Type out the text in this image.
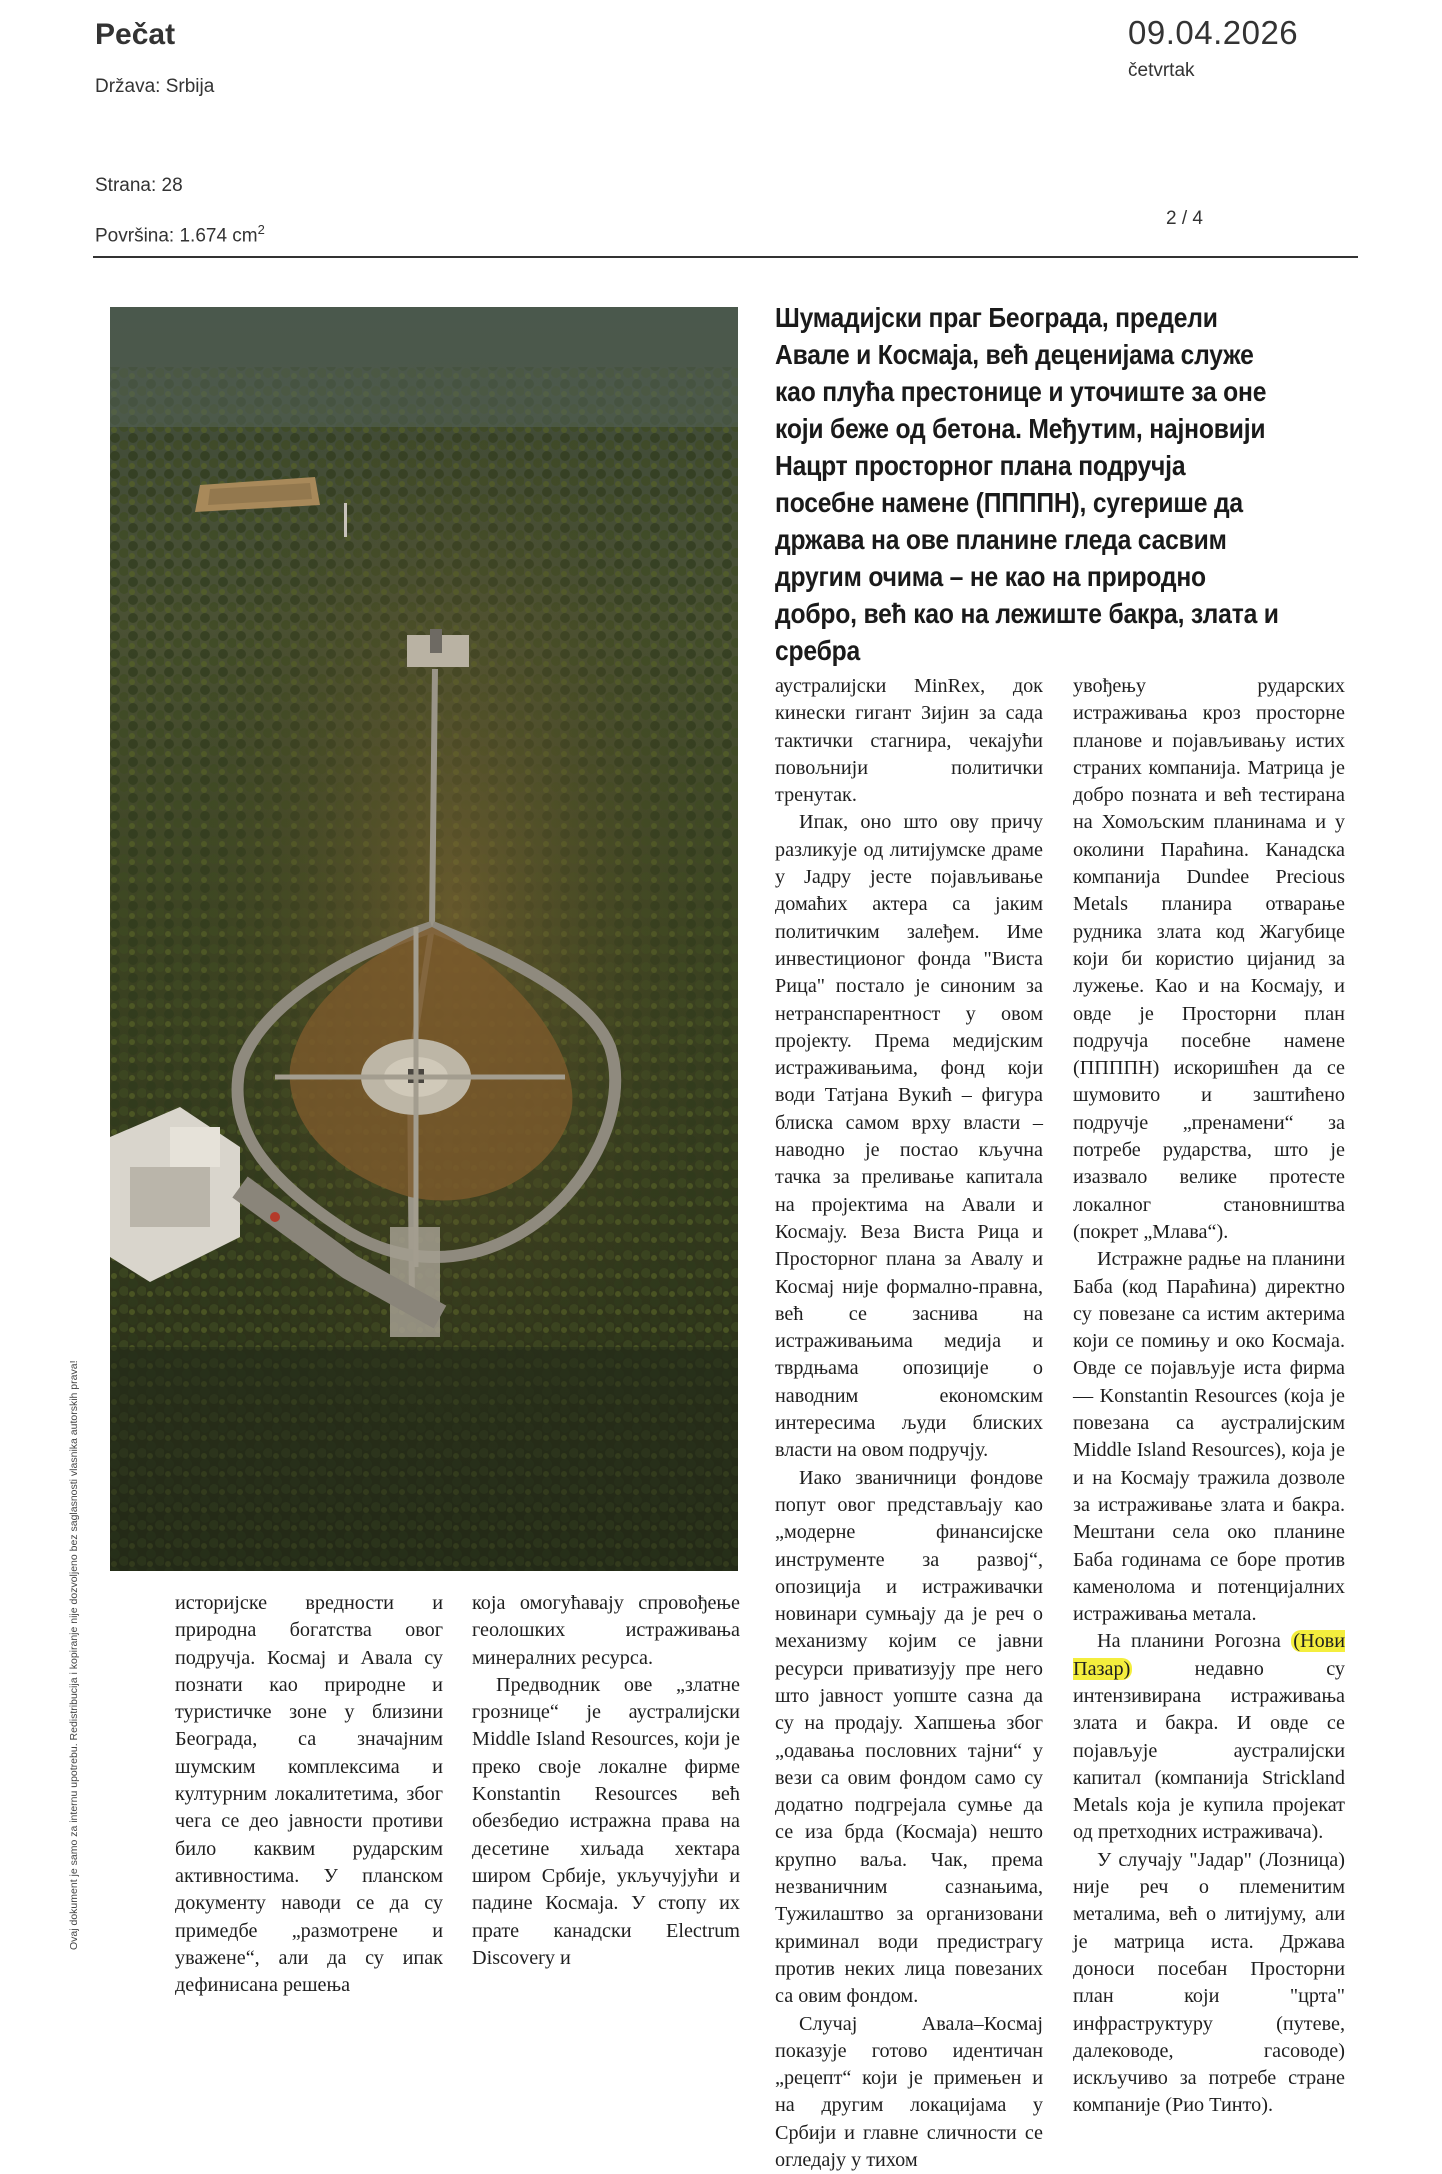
Pečat
Država: Srbija
Strana: 28
Površina: 1.674 $cm^2$
09.04.2026
četvrtak
2 / 4
Ovaj dokument je samo za internu upotrebu. Redistribucija i kopiranje nije dozvoljeno bez saglasnosti vlasnika autorskih prava!
Шумадијски праг Београда, предели Авале и Космаја, већ деценијама служе као плућа престонице и уточиште за оне који беже од бетона. Међутим, најновији Нацрт просторног плана подручја посебне намене (ППППН), сугерише да држава на ове планине гледа сасвим другим очима – не као на природно добро, већ као на лежиште бакра, злата и сребра

историјске вредности и природна богатства овог подручја. Космај и Авала су познати као природне и туристичке зоне у близини Београда, са значајним шумским комплексима и културним локалитетима, због чега се део јавности противи било каквим рударским активностима. У планском документу наводи се да су примедбе „размотрене и уважене“, али да су ипак дефинисана решења

која омогућавају спровођење геолошких истраживања минералних ресурса.

Предводник ове „златне грознице“ је аустралијски Middle Island Resources, који је преко своје локалне фирме Konstantin Resources већ обезбедио истражна права на десетине хиљада хектара широм Србије, укључујући и падине Космаја. У стопу их прате канадски Electrum Discovery и

аустралијски MinRex, док кинески гигант Зијин за сада тактички стагнира, чекајући повољнији политички тренутак.

Ипак, оно што ову причу разликује од литијумске драме у Јадру јесте појављивање домаћих актера са јаким политичким залеђем. Име инвестиционог фонда "Виста Рица" постало је синоним за нетранспарентност у овом пројекту. Према медијским истраживањима, фонд који води Татјана Вукић – фигура блиска самом врху власти – наводно је постао кључна тачка за преливање капитала на пројектима на Авали и Космају. Веза Виста Рица и Просторног плана за Авалу и Космај није формално-правна, већ се заснива на истраживањима медија и тврдњама опозиције о наводним економским интересима људи блиских власти на овом подручју.

Иако званичници фондове попут овог представљају као „модерне финансијске инструменте за развој“, опозиција и истраживачки новинари сумњају да је реч о механизму којим се јавни ресурси приватизују пре него што јавност уопште сазна да су на продају. Хапшења због „одавања пословних тајни“ у вези са овим фондом само су додатно подгрејала сумње да се иза брда (Космаја) нешто крупно ваља. Чак, према незваничним сазнањима, Тужилаштво за организовани криминал води предистрагу против неких лица повезаних са овим фондом.

Случај Авала–Космај показује готово идентичан „рецепт“ који је примењен и на другим локацијама у Србији и главне сличности се огледају у тихом

увођењу рударских истраживања кроз просторне планове и појављивању истих страних компанија. Матрица је добро позната и већ тестирана на Хомољским планинама и у околини Параћина. Канадска компанија Dundee Precious Metals планира отварање рудника злата код Жагубице који би користио цијанид за лужење. Као и на Космају, и овде је Просторни план подручја посебне намене (ППППН) искоришћен да се шумовито и заштићено подручје „пренамени“ за потребе рударства, што је изазвало велике протесте локалног становништва (покрет „Млава“).

Истражне радње на планини Баба (код Параћина) директно су повезане са истим актерима који се помињу и око Космаја. Овде се појављује иста фирма — Konstantin Resources (која је повезана са аустралијским Middle Island Resources), која је и на Космају тражила дозволе за истраживање злата и бакра. Мештани села око планине Баба годинама се боре против каменолома и потенцијалних истраживања метала.

На планини Рогозна (Нови Пазар) недавно су интензивирана истраживања злата и бакра. И овде се појављује аустралијски капитал (компанија Strickland Metals која је купила пројекат од претходних истраживача).

У случају "Јадар" (Лозница) није реч о племенитим металима, већ о литијуму, али је матрица иста. Држава доноси посебан Просторни план који "црта" инфраструктуру (путеве, далеководе, гасоводе) искључиво за потребе стране компаније (Рио Тинто).
